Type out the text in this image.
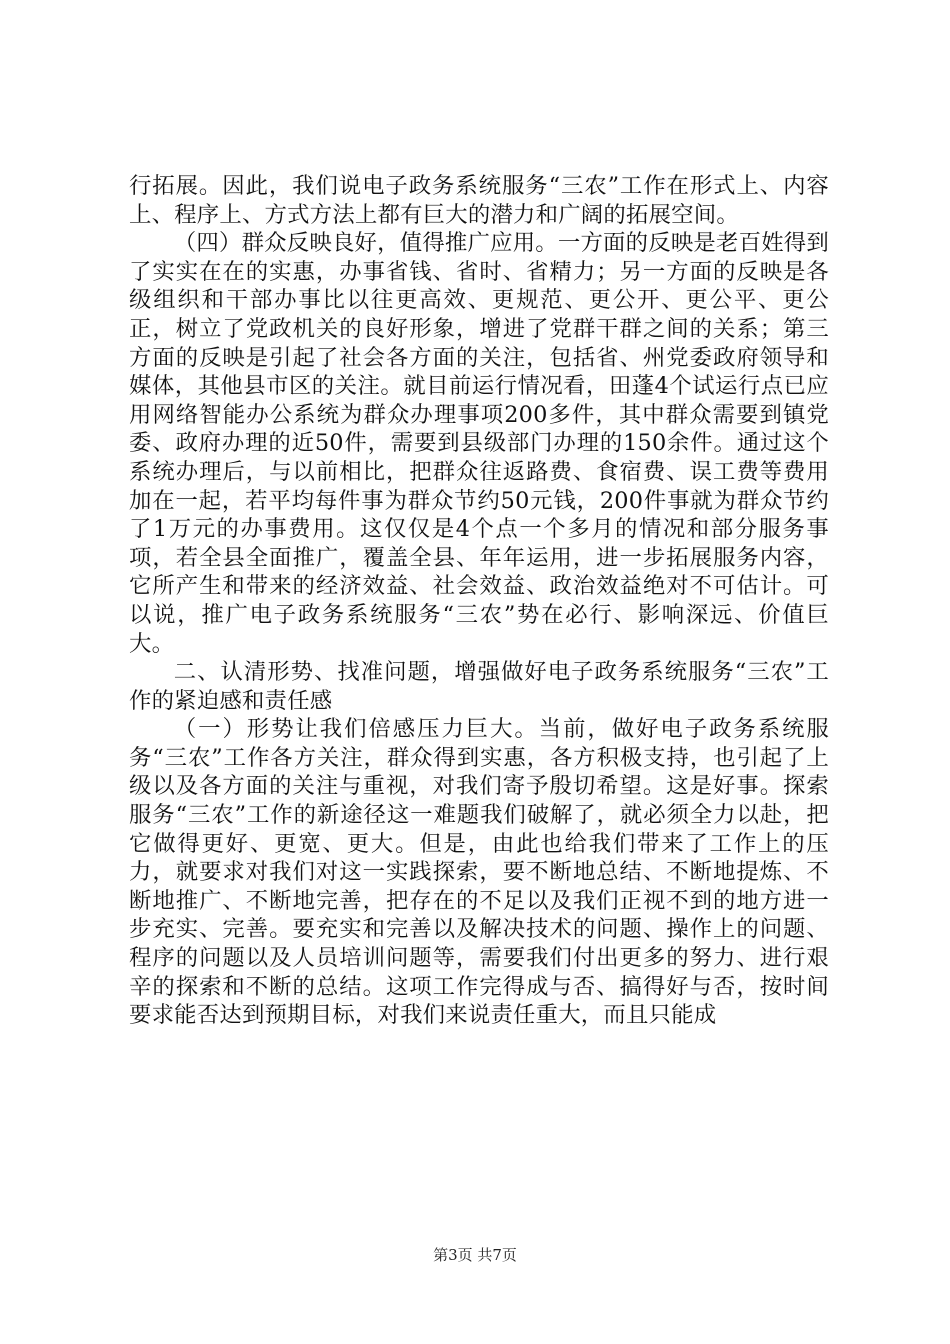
行拓展。因此，我们说电子政务系统服务“三农”工作在形式上、内容上、程序上、方式方法上都有巨大的潜力和广阔的拓展空间。

（四）群众反映良好，值得推广应用。一方面的反映是老百姓得到了实实在在的实惠，办事省钱、省时、省精力；另一方面的反映是各级组织和干部办事比以往更高效、更规范、更公开、更公平、更公正，树立了党政机关的良好形象，增进了党群干群之间的关系；第三方面的反映是引起了社会各方面的关注，包括省、州党委政府领导和媒体，其他县市区的关注。就目前运行情况看，田蓬4个试运行点已应用网络智能办公系统为群众办理事项200多件，其中群众需要到镇党委、政府办理的近50件，需要到县级部门办理的150余件。通过这个系统办理后，与以前相比，把群众往返路费、食宿费、误工费等费用加在一起，若平均每件事为群众节约50元钱，200件事就为群众节约了1万元的办事费用。这仅仅是4个点一个多月的情况和部分服务事项，若全县全面推广，覆盖全县、年年运用，进一步拓展服务内容，它所产生和带来的经济效益、社会效益、政治效益绝对不可估计。可以说，推广电子政务系统服务“三农”势在必行、影响深远、价值巨大。

二、认清形势、找准问题，增强做好电子政务系统服务“三农”工作的紧迫感和责任感

（一）形势让我们倍感压力巨大。当前，做好电子政务系统服务“三农”工作各方关注，群众得到实惠，各方积极支持，也引起了上级以及各方面的关注与重视，对我们寄予殷切希望。这是好事。探索服务“三农”工作的新途径这一难题我们破解了，就必须全力以赴，把它做得更好、更宽、更大。但是，由此也给我们带来了工作上的压力，就要求对我们对这一实践探索，要不断地总结、不断地提炼、不断地推广、不断地完善，把存在的不足以及我们正视不到的地方进一步充实、完善。要充实和完善以及解决技术的问题、操作上的问题、程序的问题以及人员培训问题等，需要我们付出更多的努力、进行艰辛的探索和不断的总结。这项工作完得成与否、搞得好与否，按时间要求能否达到预期目标，对我们来说责任重大，而且只能成

第3页 共7页
